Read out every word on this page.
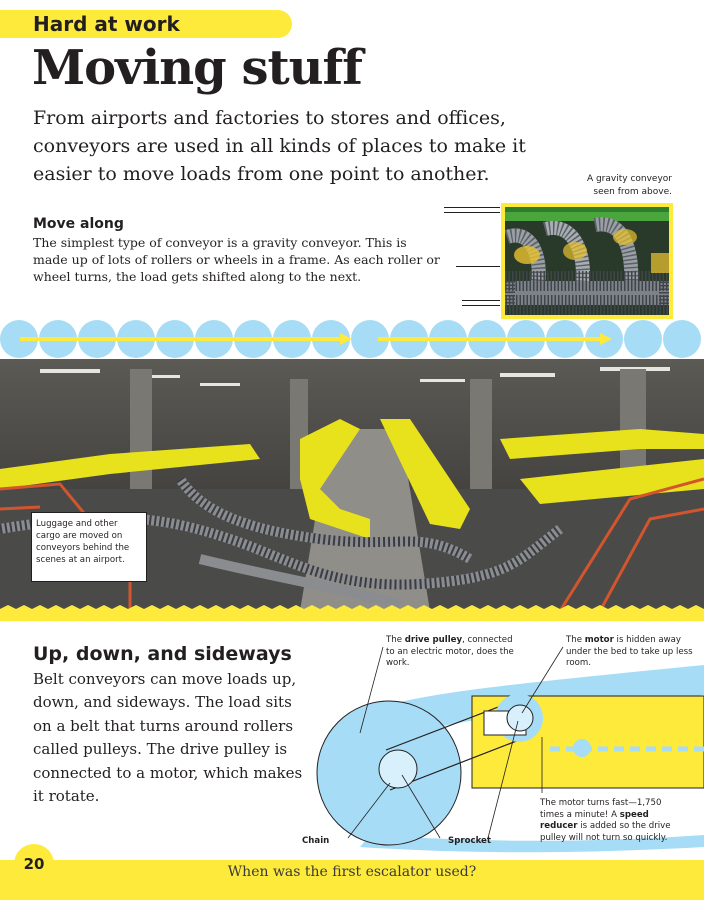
Hard at work
Moving stuff

From airports and factories to stores and offices, conveyors are used in all kinds of places to make it easier to move loads from one point to another.	A gravity conveyor
seen from above.
Move along

The simplest type of conveyor is a gravity conveyor. This is made up of lots of rollers or wheels in a frame. As each roller or wheel turns, the load gets shifted along to the next.

Luggage and other cargo are moved on conveyors behind the scenes at an airport.
Up, down, and sideways

Belt conveyors can move loads up, down, and sideways. The load sits on a belt that turns around rollers called pulleys. The drive pulley is connected to a motor, which makes it rotate.

The drive pulley, connected to an electric motor, does the work.
The motor is hidden away under the bed to take up less room.
The motor turns fast—1,750 times a minute! A speed reducer is added so the drive pulley will not turn so quickly.
Chain	Sprocket
20	When was the first escalator used?
